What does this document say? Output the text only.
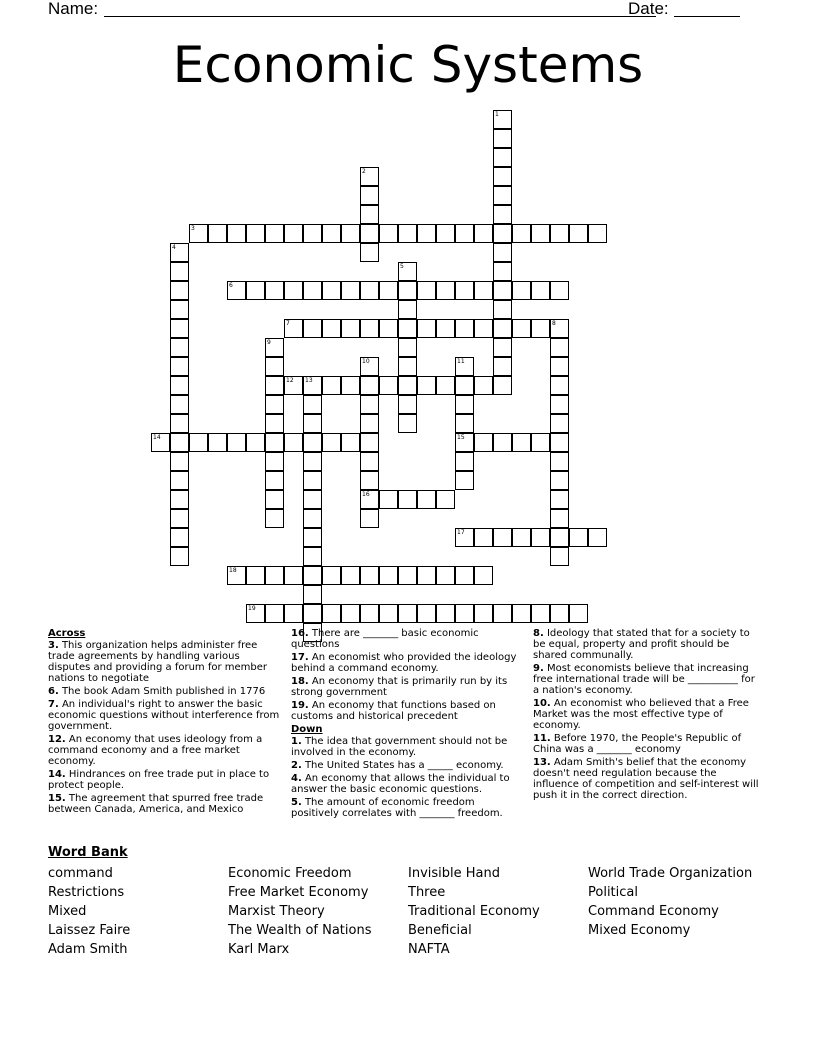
Name:	Date:
Economic Systems
1
2
3
4
5
6
7	8
9
10
16
11
15
12 13
14
17
18
19
Across
3. This organization helps administer free trade agreements by handling various disputes and providing a forum for member nations to negotiate
6. The book Adam Smith published in 1776
7. An individual's right to answer the basic economic questions without interference from government.
12. An economy that uses ideology from a command economy and a free market economy.
14. Hindrances on free trade put in place to protect people.
15. The agreement that spurred free trade between Canada, America, and Mexico
16. There are _______ basic economic questions
17. An economist who provided the ideology behind a command economy.
18. An economy that is primarily run by its strong government
19. An economy that functions based on customs and historical precedent
Down
1. The idea that government should not be involved in the economy.
2. The United States has a _____ economy.
4. An economy that allows the individual to answer the basic economic questions.
5. The amount of economic freedom positively correlates with _______ freedom.
8. Ideology that stated that for a society to be equal, property and profit should be shared communally.
9. Most economists believe that increasing free international trade will be __________ for a nation's economy.
10. An economist who believed that a Free Market was the most effective type of economy.
11. Before 1970, the People's Republic of China was a _______ economy
13. Adam Smith's belief that the economy doesn't need regulation because the influence of competition and self-interest will push it in the correct direction.
Word Bank
command
Restrictions
Mixed
Laissez Faire
Adam Smith
Economic Freedom
Free Market Economy
Marxist Theory
The Wealth of Nations
Karl Marx
Invisible Hand
Three
Traditional Economy
Beneficial
NAFTA
World Trade Organization
Political
Command Economy
Mixed Economy
